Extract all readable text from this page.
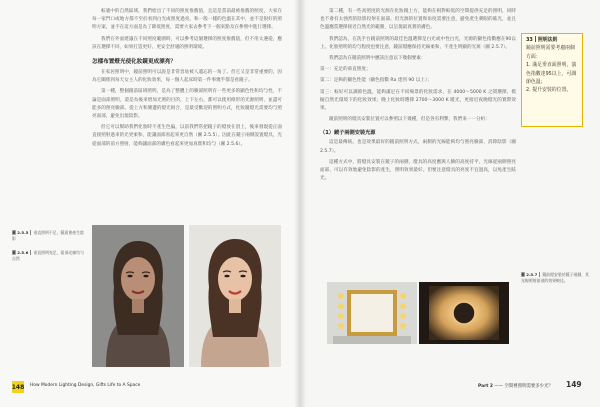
較適中的自然區域，我們給出了不同的照度推薦值，且這是當前最被推薦的照度，大家在每一家門口或地方都不至於看到白光或照度過亮。和一般一樣的色溫在其中，並不是很好的照明方案，並不在這方面是為了降低照度，需要大家去參考下一個來點及在參照中進行選擇。

我們在外面建議在不同照度範圍時，可以參考這個選擇的照度推薦值，但不用太遵從，應該在選擇不同，如果打造更好、更安全舒適的照明環境。

怎樣布置燈光使化妝鏡更成漂亮？

在家居照明中，鏡前照明可以說是非常容易被人遺忘的一角了。但它又是非常重要的，因為它關係到每天女主人的化妝效果，每一個人起床時第一件事幾乎都是看鏡子。

第一種，整個鏡前區域照明，是為了整體上的臉部照明有一些更多的顯色性和均勻性，不論是面部照明，還是為後來增加光照的目的，上下左右，都可以使用條形的光源照明，並盡可能多的照亮臉部。從上方和側邊的燈光組合，是最受歡迎的照明方式，化妝鏡燈光需要均勻照亮面部，避免出現陰影。

但它可以幫助我們化妝時不產生色偏，以前我們常把鏡子的燈放在頂上，後來發現從正面直接照射過來的光更柔和，能讓面部看起來更自然（圖 2.5.5）。因此在鏡子兩側設置燈具，光從面部的前方照射，能夠讓面部的膚色看起來更加真實和均勻（圖 2.5.6）。

圖 2.5.5 垂直照明不足，鏡面會產生陰影
圖 2.5.6 垂直照明充足，面部光線均勻自然
148 How Modern Lighting Design, Gifts Life to A Space

第二種，有一些高照度的光源在化妝鏡上方，能夠在相對較低的空間提供充足的照明，同時也不會有太強烈的陰影投射在面部。但光源的位置和角度需要注意，避免產生刺眼的眩光，並且色溫應當選擇接近自然光的範圍，以呈現最真實的膚色。

我們認為，在洗手台鏡前照明的最佳色溫選擇是白光或中性白光，光源的顯色指數應在90以上。化妝照明的均勻程度也要注意，鏡前燈應保持光線柔和，不產生明顯的光斑（圖 2.5.7）。

我們認為在鏡前照明中應該注意以下幾個要素：

第一：充足的垂直照度；

第二：足夠的顯色性能（顯色指數 Ra 達到 90 以上）；

第三：較好可以調節色溫，能夠滿足在不同場景的化妝需求，在 4000～5000 K 之間選擇，模擬自然光環境下的化妝效果；晚上化妝時選擇 2700～3000 K 暖光，更接近夜晚燈光的實際效果。

鏡前照明的燈具安裝位置可以參照以下幾種，但是各有利弊，我們來一一分析：

（1）鏡子兩側安裝光源

這是最傳統、也是效果最好的鏡前照明方式，兩側的光線能夠均勻照亮臉部，消除陰影（圖 2.5.7）。

這種方式中，將燈具安裝在鏡子的兩側，燈具的高度應與人臉的高度持平，光線從兩側照亮面部，可以有效地避免陰影的產生，照明效果最好。但要注意燈具的亮度不宜過高，以免產生眩光。

33 照明法則
鏡前照明需要考慮兩個方面：
1. 滿足垂直面照明，演色指數達95以上，可調節色溫；
2. 提升安裝的位置。
圖 2.5.7 鏡前燈安裝於鏡子兩側，其光線照射面部的效果較佳。
Part 2 —— 空間裡照明需要多少光？ 149
